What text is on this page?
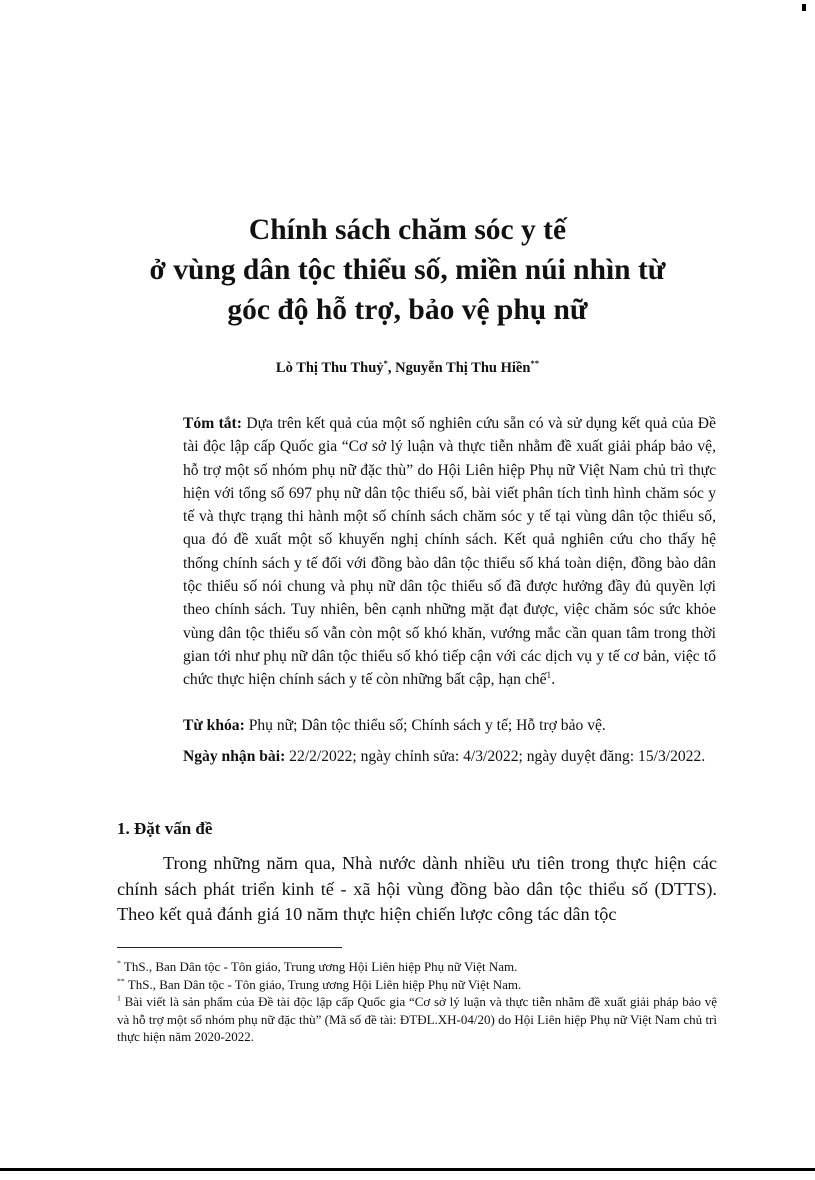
Chính sách chăm sóc y tế
ở vùng dân tộc thiểu số, miền núi nhìn từ
góc độ hỗ trợ, bảo vệ phụ nữ
Lò Thị Thu Thuỷ*, Nguyễn Thị Thu Hiền**

Tóm tắt: Dựa trên kết quả của một số nghiên cứu sẵn có và sử dụng kết quả của Đề tài độc lập cấp Quốc gia “Cơ sở lý luận và thực tiễn nhằm đề xuất giải pháp bảo vệ, hỗ trợ một số nhóm phụ nữ đặc thù” do Hội Liên hiệp Phụ nữ Việt Nam chủ trì thực hiện với tổng số 697 phụ nữ dân tộc thiểu số, bài viết phân tích tình hình chăm sóc y tế và thực trạng thi hành một số chính sách chăm sóc y tế tại vùng dân tộc thiểu số, qua đó đề xuất một số khuyến nghị chính sách. Kết quả nghiên cứu cho thấy hệ thống chính sách y tế đối với đồng bào dân tộc thiểu số khá toàn diện, đồng bào dân tộc thiểu số nói chung và phụ nữ dân tộc thiểu số đã được hưởng đầy đủ quyền lợi theo chính sách. Tuy nhiên, bên cạnh những mặt đạt được, việc chăm sóc sức khỏe vùng dân tộc thiểu số vẫn còn một số khó khăn, vướng mắc cần quan tâm trong thời gian tới như phụ nữ dân tộc thiểu số khó tiếp cận với các dịch vụ y tế cơ bản, việc tổ chức thực hiện chính sách y tế còn những bất cập, hạn chế$^1$.

Từ khóa: Phụ nữ; Dân tộc thiểu số; Chính sách y tế; Hỗ trợ bảo vệ.

Ngày nhận bài: 22/2/2022; ngày chỉnh sửa: 4/3/2022; ngày duyệt đăng: 15/3/2022.

1. Đặt vấn đề

Trong những năm qua, Nhà nước dành nhiều ưu tiên trong thực hiện các chính sách phát triển kinh tế - xã hội vùng đồng bào dân tộc thiểu số (DTTS). Theo kết quả đánh giá 10 năm thực hiện chiến lược công tác dân tộc

* ThS., Ban Dân tộc - Tôn giáo, Trung ương Hội Liên hiệp Phụ nữ Việt Nam.

** ThS., Ban Dân tộc - Tôn giáo, Trung ương Hội Liên hiệp Phụ nữ Việt Nam.

$^1$ Bài viết là sản phẩm của Đề tài độc lập cấp Quốc gia “Cơ sở lý luận và thực tiễn nhằm đề xuất giải pháp bảo vệ và hỗ trợ một số nhóm phụ nữ đặc thù” (Mã số đề tài: ĐTĐL.XH-04/20) do Hội Liên hiệp Phụ nữ Việt Nam chủ trì thực hiện năm 2020-2022.
